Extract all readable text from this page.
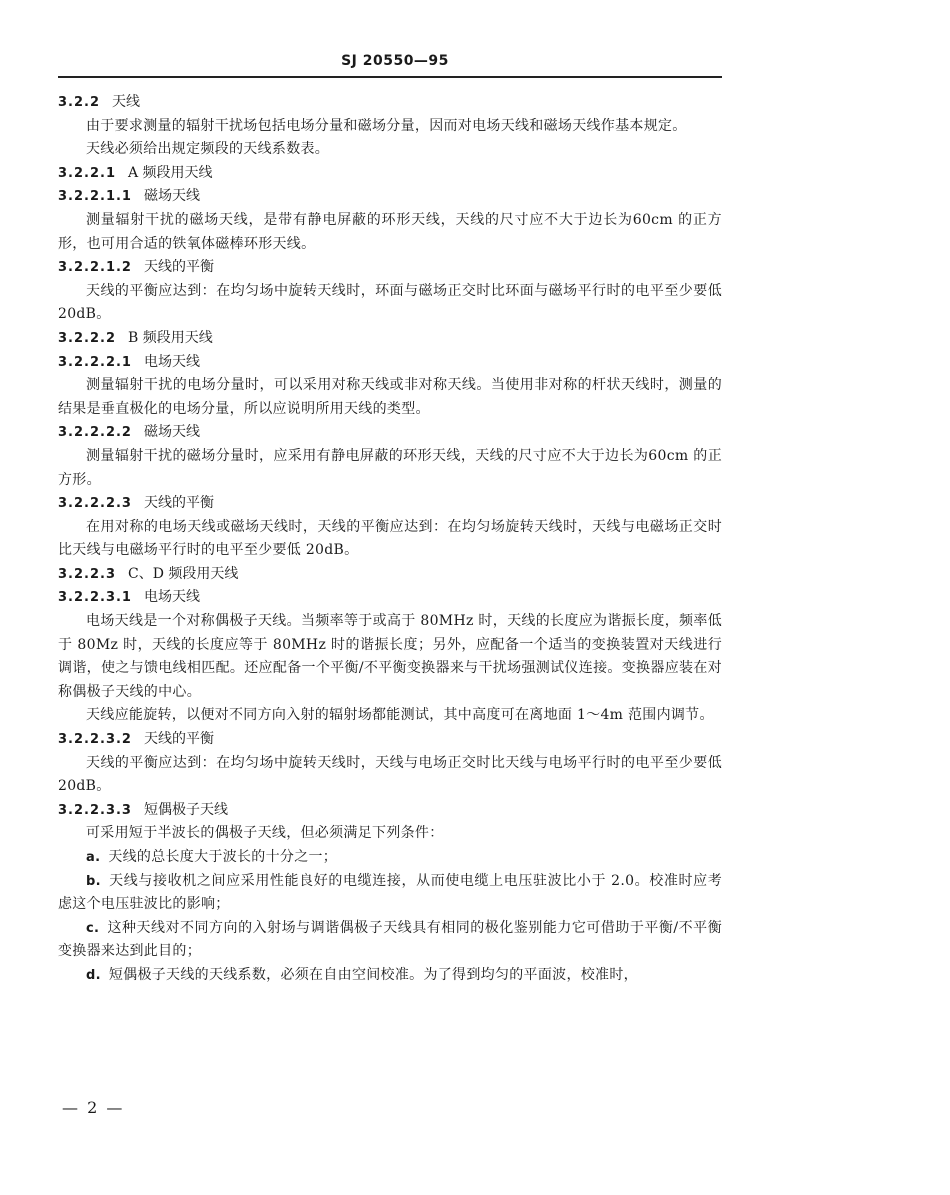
SJ 20550—95
3.2.2 天线
由于要求测量的辐射干扰场包括电场分量和磁场分量，因而对电场天线和磁场天线作基本规定。
天线必须给出规定频段的天线系数表。
3.2.2.1 A 频段用天线
3.2.2.1.1 磁场天线
测量辐射干扰的磁场天线，是带有静电屏蔽的环形天线，天线的尺寸应不大于边长为60cm 的正方形，也可用合适的铁氧体磁棒环形天线。
3.2.2.1.2 天线的平衡
天线的平衡应达到：在均匀场中旋转天线时，环面与磁场正交时比环面与磁场平行时的电平至少要低 20dB。
3.2.2.2 B 频段用天线
3.2.2.2.1 电场天线
测量辐射干扰的电场分量时，可以采用对称天线或非对称天线。当使用非对称的杆状天线时，测量的结果是垂直极化的电场分量，所以应说明所用天线的类型。
3.2.2.2.2 磁场天线
测量辐射干扰的磁场分量时，应采用有静电屏蔽的环形天线，天线的尺寸应不大于边长为60cm 的正方形。
3.2.2.2.3 天线的平衡
在用对称的电场天线或磁场天线时，天线的平衡应达到：在均匀场旋转天线时，天线与电磁场正交时比天线与电磁场平行时的电平至少要低 20dB。
3.2.2.3 C、D 频段用天线
3.2.2.3.1 电场天线
电场天线是一个对称偶极子天线。当频率等于或高于 80MHz 时，天线的长度应为谐振长度，频率低于 80Mz 时，天线的长度应等于 80MHz 时的谐振长度；另外，应配备一个适当的变换装置对天线进行调谐，使之与馈电线相匹配。还应配备一个平衡/不平衡变换器来与干扰场强测试仪连接。变换器应装在对称偶极子天线的中心。
天线应能旋转，以便对不同方向入射的辐射场都能测试，其中高度可在离地面 1～4m 范围内调节。
3.2.2.3.2 天线的平衡
天线的平衡应达到：在均匀场中旋转天线时，天线与电场正交时比天线与电场平行时的电平至少要低 20dB。
3.2.2.3.3 短偶极子天线
可采用短于半波长的偶极子天线，但必须满足下列条件：
a. 天线的总长度大于波长的十分之一；
b. 天线与接收机之间应采用性能良好的电缆连接，从而使电缆上电压驻波比小于 2.0。校准时应考虑这个电压驻波比的影响；
c. 这种天线对不同方向的入射场与调谐偶极子天线具有相同的极化鉴别能力它可借助于平衡/不平衡变换器来达到此目的；
d. 短偶极子天线的天线系数，必须在自由空间校准。为了得到均匀的平面波，校准时，
— 2 —
